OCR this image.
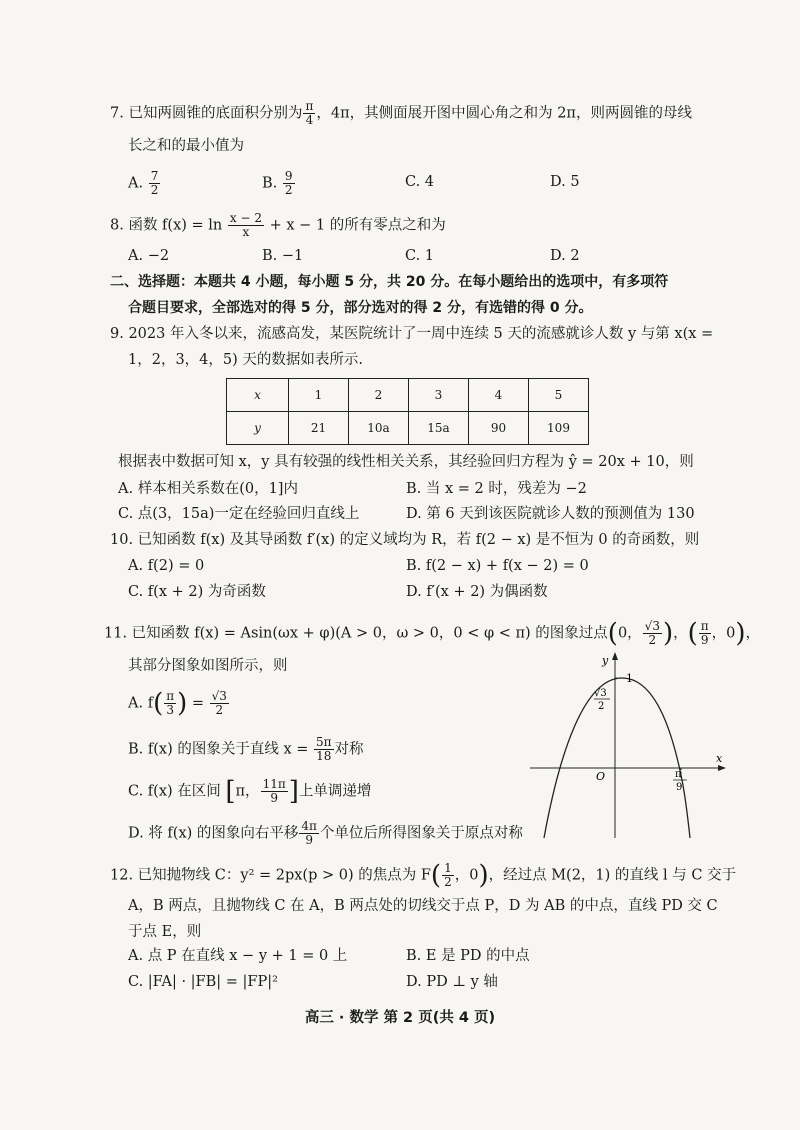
7. 已知两圆锥的底面积分别为 $\frac{\pi}{4}$ ，4π，其侧面展开图中圆心角之和为 2π，则两圆锥的母线
长之和的最小值为
A. $\frac{7}{2}$	B. $\frac{9}{2}$	C. 4	D. 5
8. 函数 $f(x) = \ln \frac{x - 2}{x} + x - 1$ 的所有零点之和为
A. −2	B. −1	C. 1	D. 2
二、选择题：本题共 4 小题，每小题 5 分，共 20 分。在每小题给出的选项中，有多项符
合题目要求，全部选对的得 5 分，部分选对的得 2 分，有选错的得 0 分。
9. 2023 年入冬以来，流感高发，某医院统计了一周中连续 5 天的流感就诊人数 y 与第 x(x =
1，2，3，4，5) 天的数据如表所示.
x	1	2	3	4	5
y	21	10a	15a	90	109
根据表中数据可知 x，y 具有较强的线性相关关系，其经验回归方程为 ŷ = 20x + 10，则
A. 样本相关系数在(0，1]内	B. 当 x = 2 时，残差为 −2
C. 点(3，15a)一定在经验回归直线上	D. 第 6 天到该医院就诊人数的预测值为 130
10. 已知函数 f(x) 及其导函数 f′(x) 的定义域均为 R，若 f(2 − x) 是不恒为 0 的奇函数，则
A. f(2) = 0	B. f(2 − x) + f(x − 2) = 0
C. f(x + 2) 为奇函数	D. f′(x + 2) 为偶函数
11. 已知函数 f(x) = Asin(ωx + φ)(A > 0，ω > 0，0 < φ < π) 的图象过点(0， $\frac{√3}{2}$ )，( $\frac{\pi}{9}$ ，0)，
其部分图象如图所示，则
A. $f( \frac{\pi}{3}$ ) = $\frac{√3}{2}$
B. f(x) 的图象关于直线 $x = \frac{5\pi}{18}$ 对称
C. f(x) 在区间 [π， $\frac{11\pi}{9}$ ]上单调递增
D. 将 f(x) 的图象向右平移 $\frac{4\pi}{9}$ 个单位后所得图象关于原点对称
y
x
O
1
√3
2
π
9
12. 已知抛物线 C：y² = 2px(p > 0) 的焦点为 $F( \frac{1}{2}$ ，0)，经过点 M(2，1) 的直线 l 与 C 交于
A，B 两点，且抛物线 C 在 A，B 两点处的切线交于点 P，D 为 AB 的中点，直线 PD 交 C
于点 E，则
A. 点 P 在直线 x − y + 1 = 0 上	B. E 是 PD 的中点
C. |FA| · |FB| = |FP|²	D. PD ⊥ y 轴
高三 · 数学 第 2 页(共 4 页)
